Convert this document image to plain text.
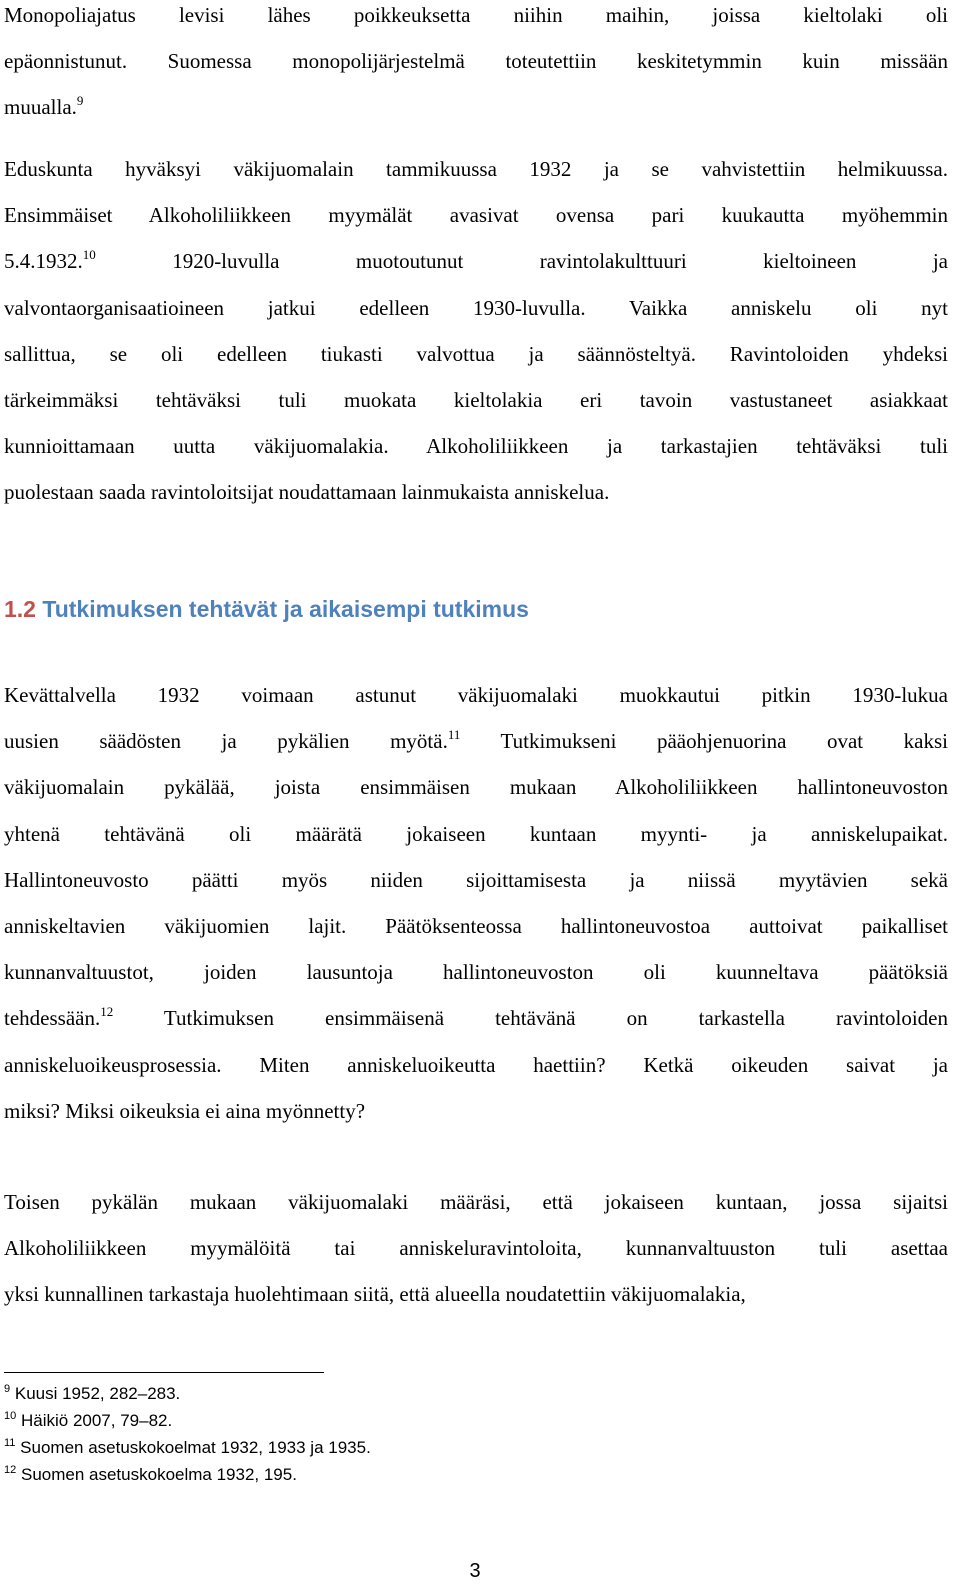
Monopoliajatus levisi lähes poikkeuksetta niihin maihin, joissa kieltolaki oli
epäonnistunut. Suomessa monopolijärjestelmä toteutettiin keskitetymmin kuin missään
muualla.$^9$
Eduskunta hyväksyi väkijuomalain tammikuussa 1932 ja se vahvistettiin helmikuussa.
Ensimmäiset Alkoholiliikkeen myymälät avasivat ovensa pari kuukautta myöhemmin
5.4.1932.10	1920-luvulla muotoutunut ravintolakulttuuri kieltoineen ja
valvontaorganisaatioineen jatkui edelleen 1930-luvulla. Vaikka anniskelu oli nyt
sallittua, se oli edelleen tiukasti valvottua ja säännösteltyä. Ravintoloiden yhdeksi
tärkeimmäksi tehtäväksi tuli muokata kieltolakia eri tavoin vastustaneet asiakkaat
kunnioittamaan uutta väkijuomalakia. Alkoholiliikkeen ja tarkastajien tehtäväksi tuli
puolestaan saada ravintoloitsijat noudattamaan lainmukaista anniskelua.
1.2 Tutkimuksen tehtävät ja aikaisempi tutkimus
Kevättalvella 1932 voimaan astunut väkijuomalaki muokkautui pitkin 1930-lukua
uusien säädösten ja pykälien myötä.$^{11}$ Tutkimukseni pääohjenuorina ovat kaksi
väkijuomalain pykälää, joista ensimmäisen mukaan Alkoholiliikkeen hallintoneuvoston
yhtenä tehtävänä oli määrätä jokaiseen kuntaan myynti- ja anniskelupaikat.
Hallintoneuvosto päätti myös niiden sijoittamisesta ja niissä myytävien sekä
anniskeltavien väkijuomien lajit. Päätöksenteossa hallintoneuvostoa auttoivat paikalliset
kunnanvaltuustot, joiden lausuntoja hallintoneuvoston oli kuunneltava päätöksiä
tehdessään.$^{12}$ Tutkimuksen ensimmäisenä tehtävänä on tarkastella ravintoloiden
anniskeluoikeusprosessia. Miten anniskeluoikeutta haettiin? Ketkä oikeuden saivat ja
miksi? Miksi oikeuksia ei aina myönnetty?
Toisen pykälän mukaan väkijuomalaki määräsi, että jokaiseen kuntaan, jossa sijaitsi
Alkoholiliikkeen myymälöitä tai anniskeluravintoloita, kunnanvaltuuston tuli asettaa
yksi kunnallinen tarkastaja huolehtimaan siitä, että alueella noudatettiin väkijuomalakia,

$^9$ Kuusi 1952, 282–283.

$^{10}$ Häikiö 2007, 79–82.

$^{11}$ Suomen asetuskokoelmat 1932, 1933 ja 1935.

$^{12}$ Suomen asetuskokoelma 1932, 195.

3
